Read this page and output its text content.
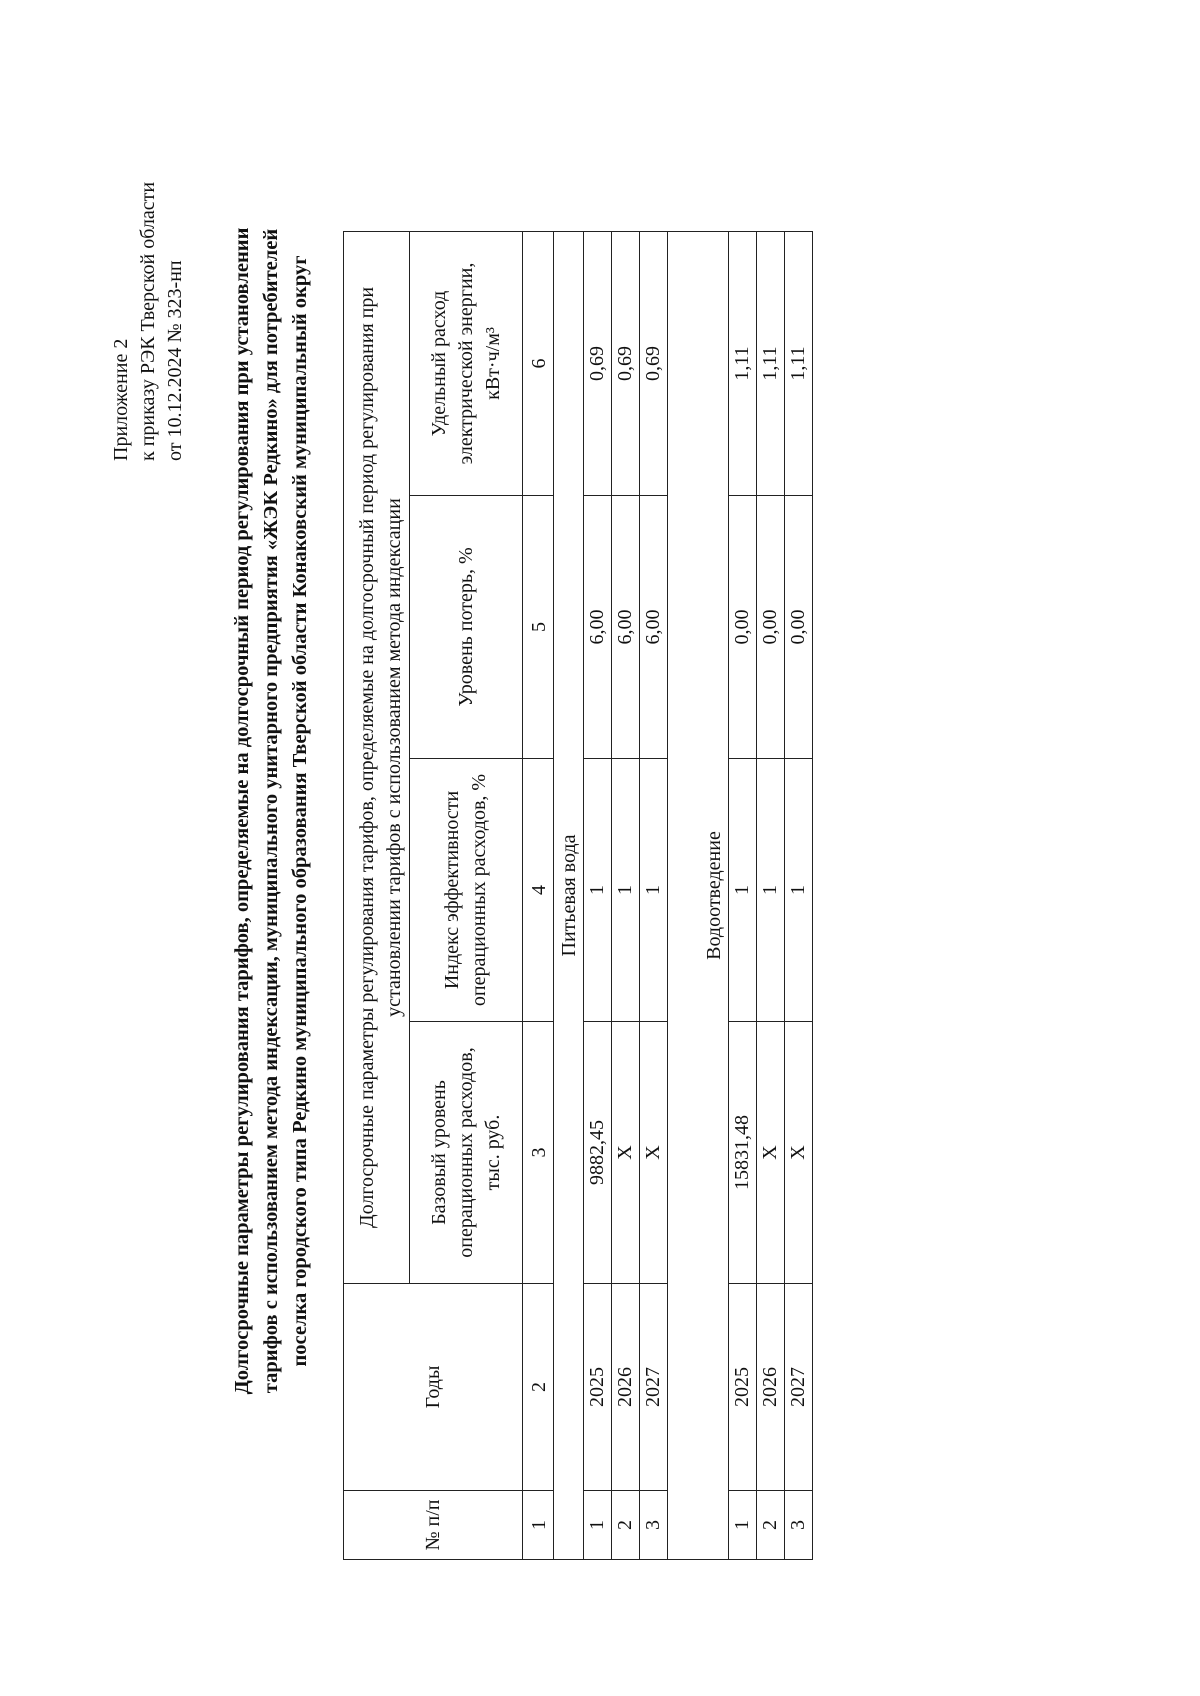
Приложение 2 к приказу РЭК Тверской области от 10.12.2024 № 323-нп Долгосрочные параметры регулирования тарифов, определяемые на долгосрочный период регулирования при установлении тарифов с использованием метода индексации, муниципального унитарного предприятия «ЖЭК Редкино» для потребителей поселка городского типа Редкино муниципального образования Тверской области Конаковский муниципальный округ
№ п/п	Годы	Долгосрочные параметры регулирования тарифов, определяемые на долгосрочный период регулирования при установлении тарифов с использованием метода индексации			

		Базовый уровень операционных расходов, тыс. руб.	Индекс эффективности операционных расходов, %	Уровень потерь, %	Удельный расход электрической энергии, кВт·ч/м³

1	2	3	4	5	6
Питьевая вода					
1	2025	9882,45	1	6,00	0,69
2	2026	Х	1	6,00	0,69
3	2027	Х	1	6,00	0,69
Водоотведение					
1	2025	15831,48	1	0,00	1,11
2	2026	Х	1	0,00	1,11
3	2027	Х	1	0,00	1,11
